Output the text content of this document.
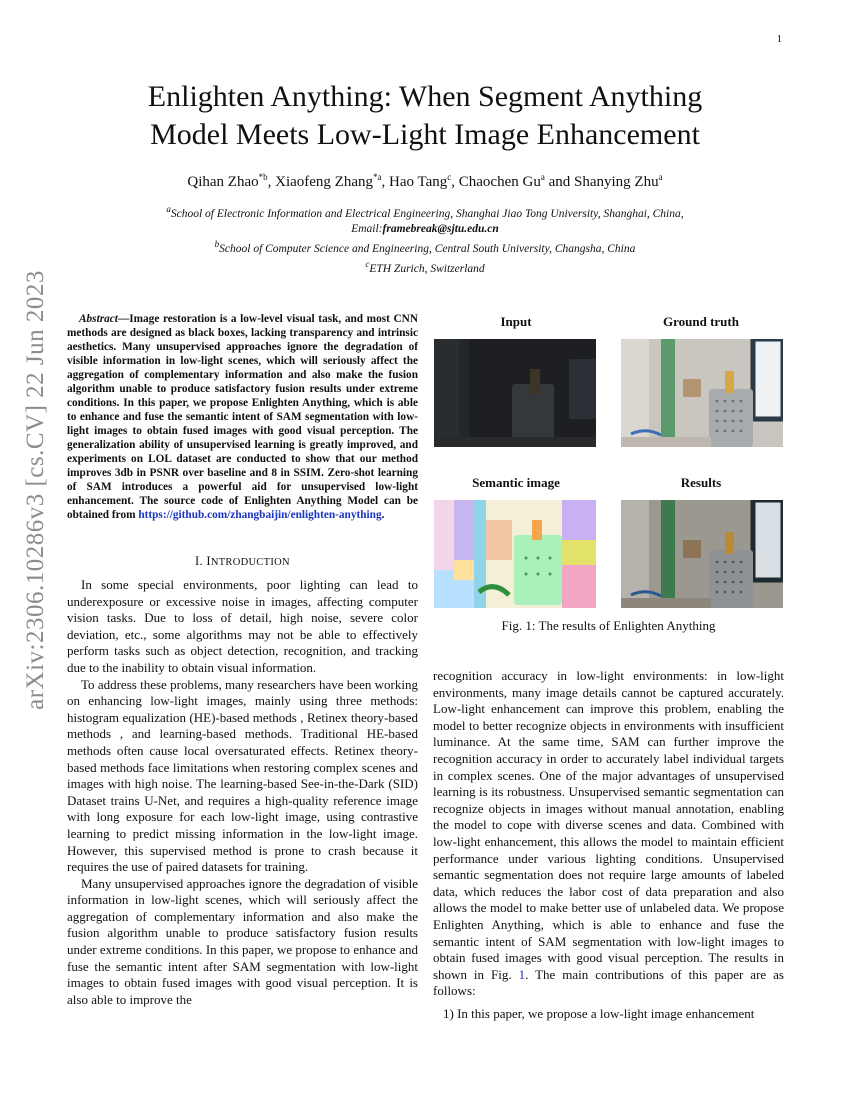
1
arXiv:2306.10286v3 [cs.CV] 22 Jun 2023
Enlighten Anything: When Segment Anything
Model Meets Low-Light Image Enhancement
Qihan Zhao$^{*b}$, Xiaofeng Zhang$^{*a}$, Hao Tang$^c$, Chaochen Gu$^a$ and Shanying Zhu$^a$
$^a$School of Electronic Information and Electrical Engineering, Shanghai Jiao Tong University, Shanghai, China,
Email:framebreak@sjtu.edu.cn
$^b$School of Computer Science and Engineering, Central South University, Changsha, China
$^c$ETH Zurich, Switzerland

Abstract—Image restoration is a low-level visual task, and most CNN methods are designed as black boxes, lacking transparency and intrinsic aesthetics. Many unsupervised approaches ignore the degradation of visible information in low-light scenes, which will seriously affect the aggregation of complementary information and also make the fusion algorithm unable to produce satisfactory fusion results under extreme conditions. In this paper, we propose Enlighten Anything, which is able to enhance and fuse the semantic intent of SAM segmentation with low-light images to obtain fused images with good visual perception. The generalization ability of unsupervised learning is greatly improved, and experiments on LOL dataset are conducted to show that our method improves 3db in PSNR over baseline and 8 in SSIM. Zero-shot learning of SAM introduces a powerful aid for unsupervised low-light enhancement. The source code of Enlighten Anything Model can be obtained from https://github.com/zhangbaijin/enlighten-anything.

I. INTRODUCTION

In some special environments, poor lighting can lead to underexposure or excessive noise in images, affecting computer vision tasks. Due to loss of detail, high noise, severe color deviation, etc., some algorithms may not be able to effectively perform tasks such as object detection, recognition, and tracking due to the inability to obtain visual information.

To address these problems, many researchers have been working on enhancing low-light images, mainly using three methods: histogram equalization (HE)-based methods , Retinex theory-based methods , and learning-based methods. Traditional HE-based methods often cause local oversaturated effects. Retinex theory-based methods face limitations when restoring complex scenes and images with high noise. The learning-based See-in-the-Dark (SID) Dataset trains U-Net, and requires a high-quality reference image with long exposure for each low-light image, using contrastive learning to predict missing information in the low-light image. However, this supervised method is prone to crash because it requires the use of paired datasets for training.

Many unsupervised approaches ignore the degradation of visible information in low-light scenes, which will seriously affect the aggregation of complementary information and also make the fusion algorithm unable to produce satisfactory fusion results under extreme conditions. In this paper, we propose to enhance and fuse the semantic intent after SAM segmentation with low-light images to obtain fused images with good visual perception. It is also able to improve the

Input	Ground truth
Semantic image	Results
Fig. 1: The results of Enlighten Anything

recognition accuracy in low-light environments: in low-light environments, many image details cannot be captured accurately. Low-light enhancement can improve this problem, enabling the model to better recognize objects in environments with insufficient luminance. At the same time, SAM can further improve the recognition accuracy in order to accurately label individual targets in complex scenes. One of the major advantages of unsupervised learning is its robustness. Unsupervised semantic segmentation can recognize objects in images without manual annotation, enabling the model to cope with diverse scenes and data. Combined with low-light enhancement, this allows the model to maintain efficient performance under various lighting conditions. Unsupervised semantic segmentation does not require large amounts of labeled data, which reduces the labor cost of data preparation and also allows the model to make better use of unlabeled data. We propose Enlighten Anything, which is able to enhance and fuse the semantic intent of SAM segmentation with low-light images to obtain fused images with good visual perception. The results in shown in Fig. 1. The main contributions of this paper are as follows:

1) In this paper, we propose a low-light image enhancement
